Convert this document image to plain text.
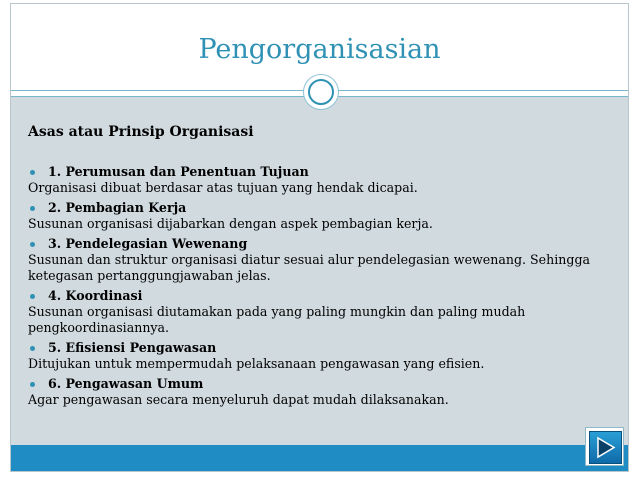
Pengorganisasian
Asas atau Prinsip Organisasi
1. Perumusan dan Penentuan Tujuan
Organisasi dibuat berdasar atas tujuan yang hendak dicapai.
2. Pembagian Kerja
Susunan organisasi dijabarkan dengan aspek pembagian kerja.
3. Pendelegasian Wewenang
Susunan dan struktur organisasi diatur sesuai alur pendelegasian wewenang. Sehingga ketegasan pertanggungjawaban jelas.
4. Koordinasi
Susunan organisasi diutamakan pada yang paling mungkin dan paling mudah pengkoordinasiannya.
5. Efisiensi Pengawasan
Ditujukan untuk mempermudah pelaksanaan pengawasan yang efisien.
6. Pengawasan Umum
Agar pengawasan secara menyeluruh dapat mudah dilaksanakan.
